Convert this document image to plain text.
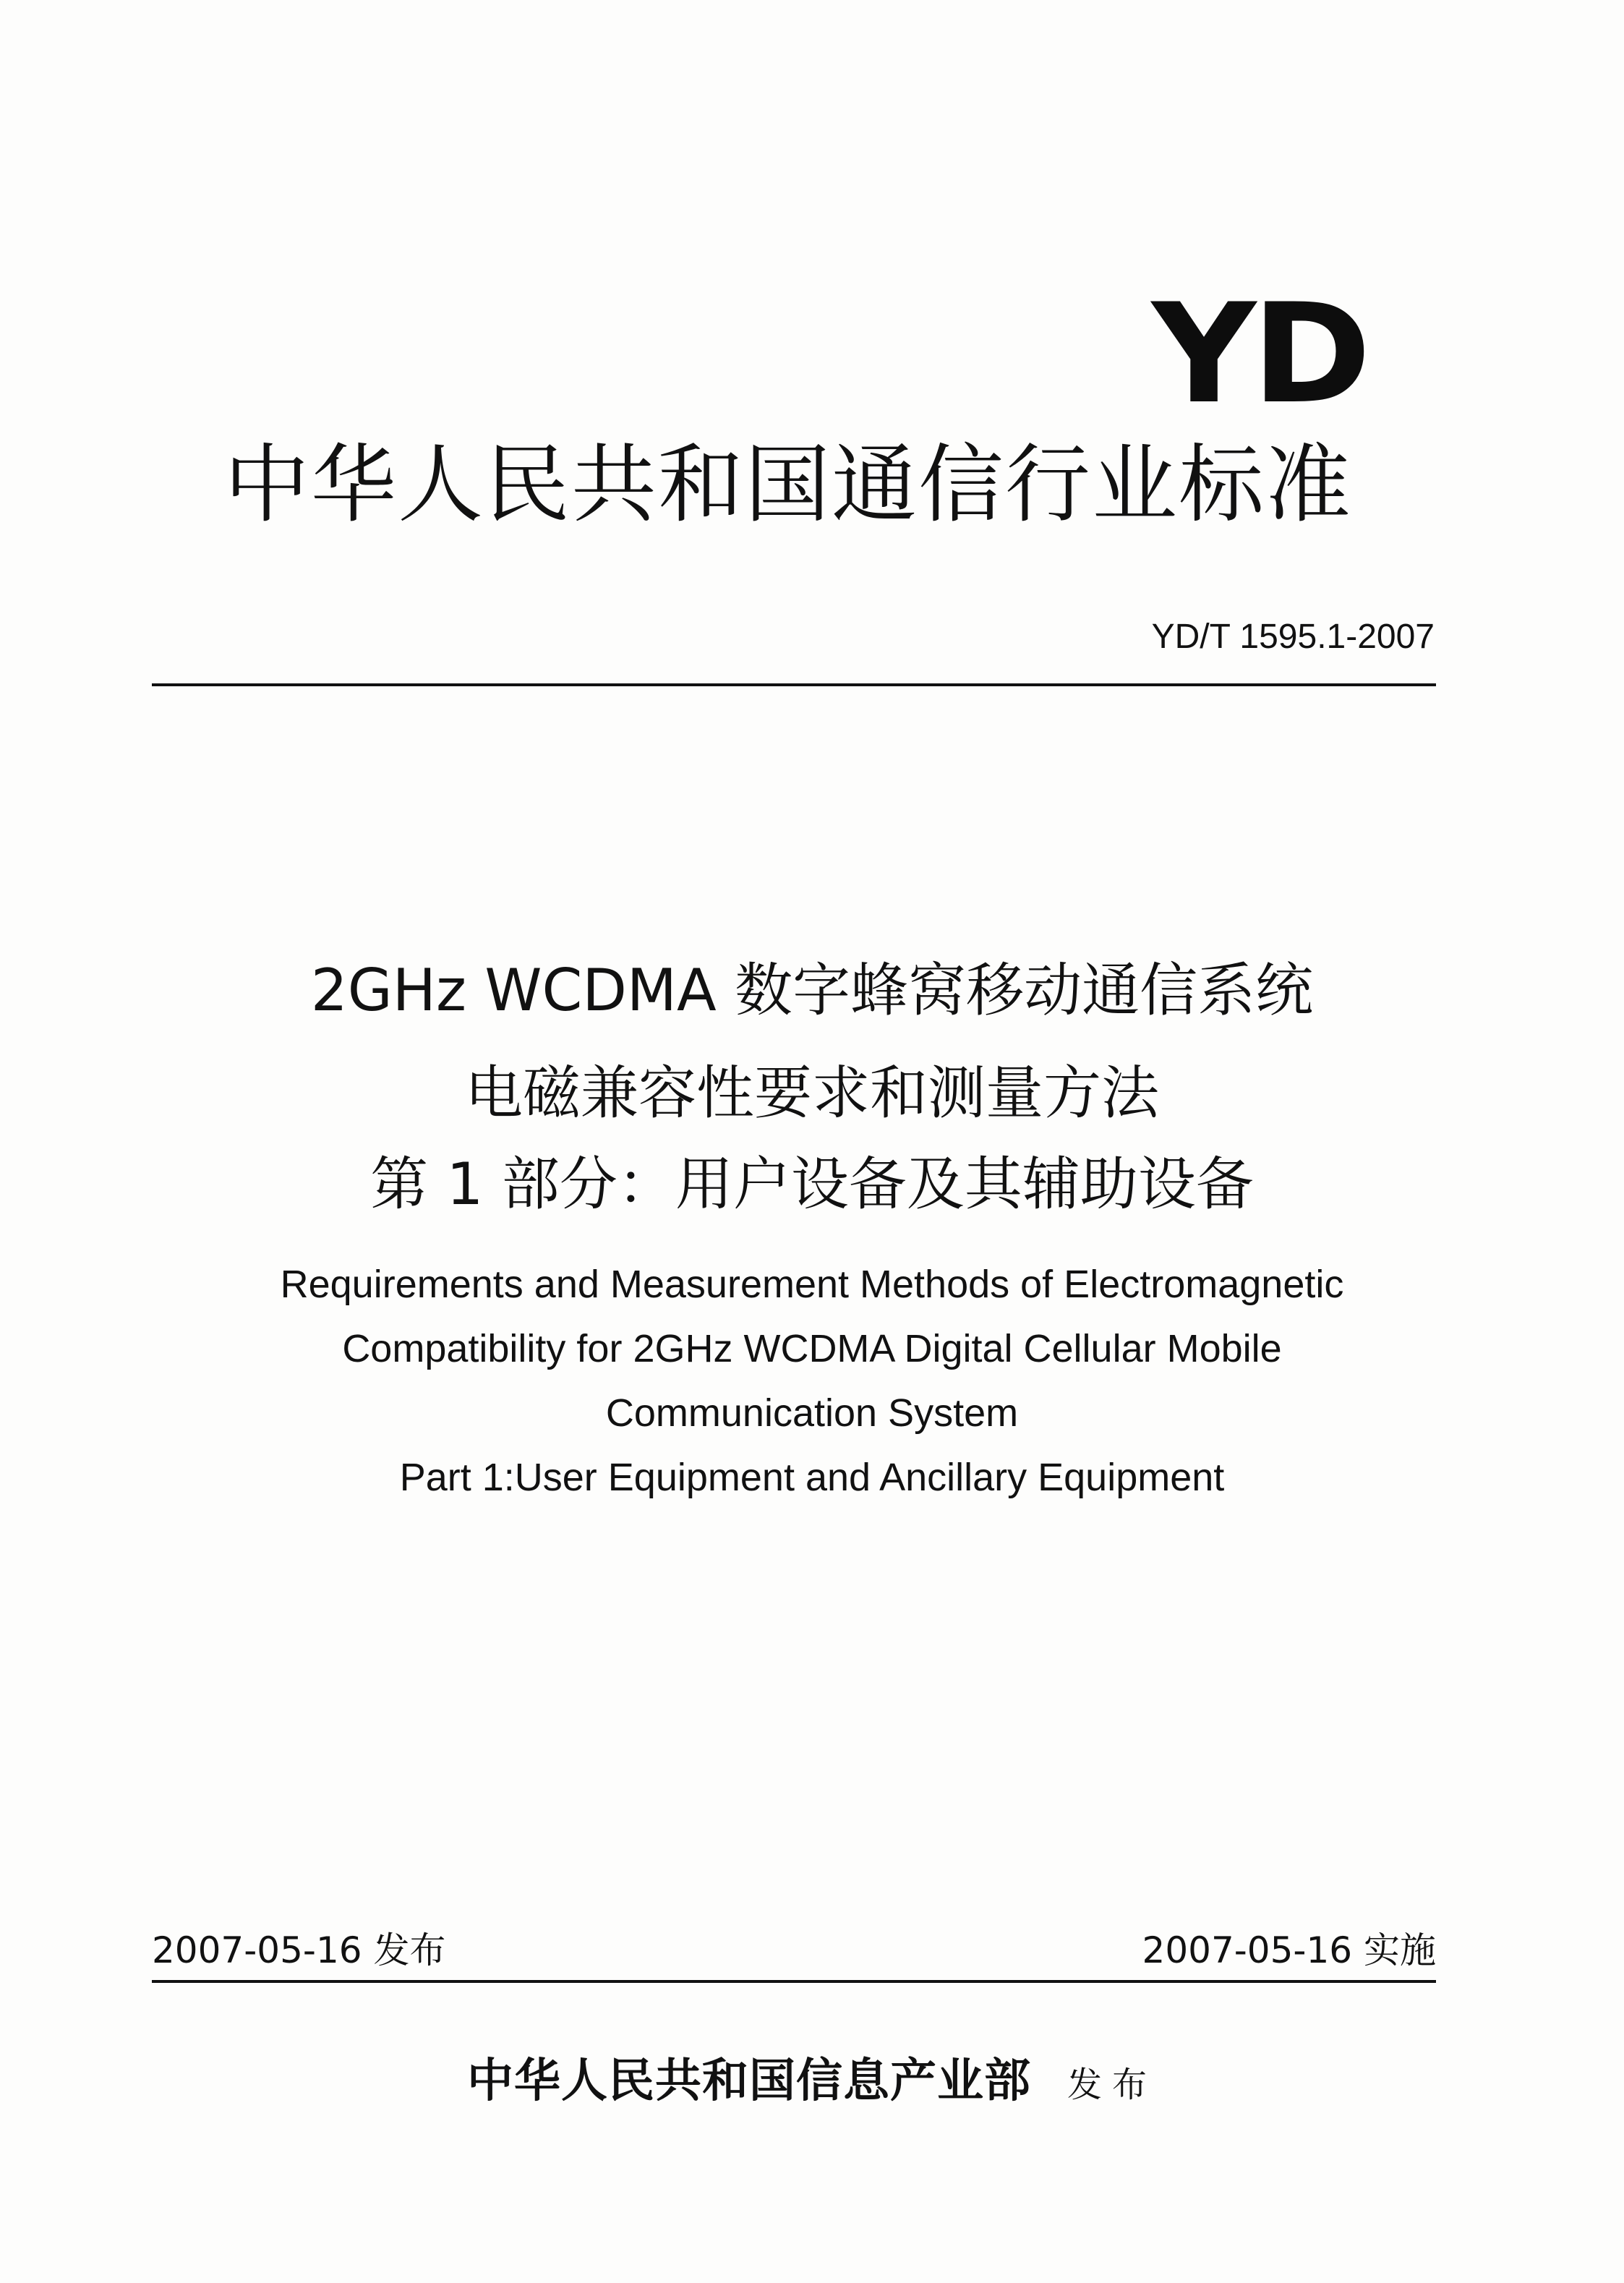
YD
中华人民共和国通信行业标准
YD/T 1595.1-2007
2GHz WCDMA 数字蜂窝移动通信系统
电磁兼容性要求和测量方法
第 1 部分：用户设备及其辅助设备
Requirements and Measurement Methods of Electromagnetic
Compatibility for 2GHz WCDMA Digital Cellular Mobile
Communication System
Part 1:User Equipment and Ancillary Equipment
2007-05-16 发布	2007-05-16 实施
中华人民共和国信息产业部 发布
